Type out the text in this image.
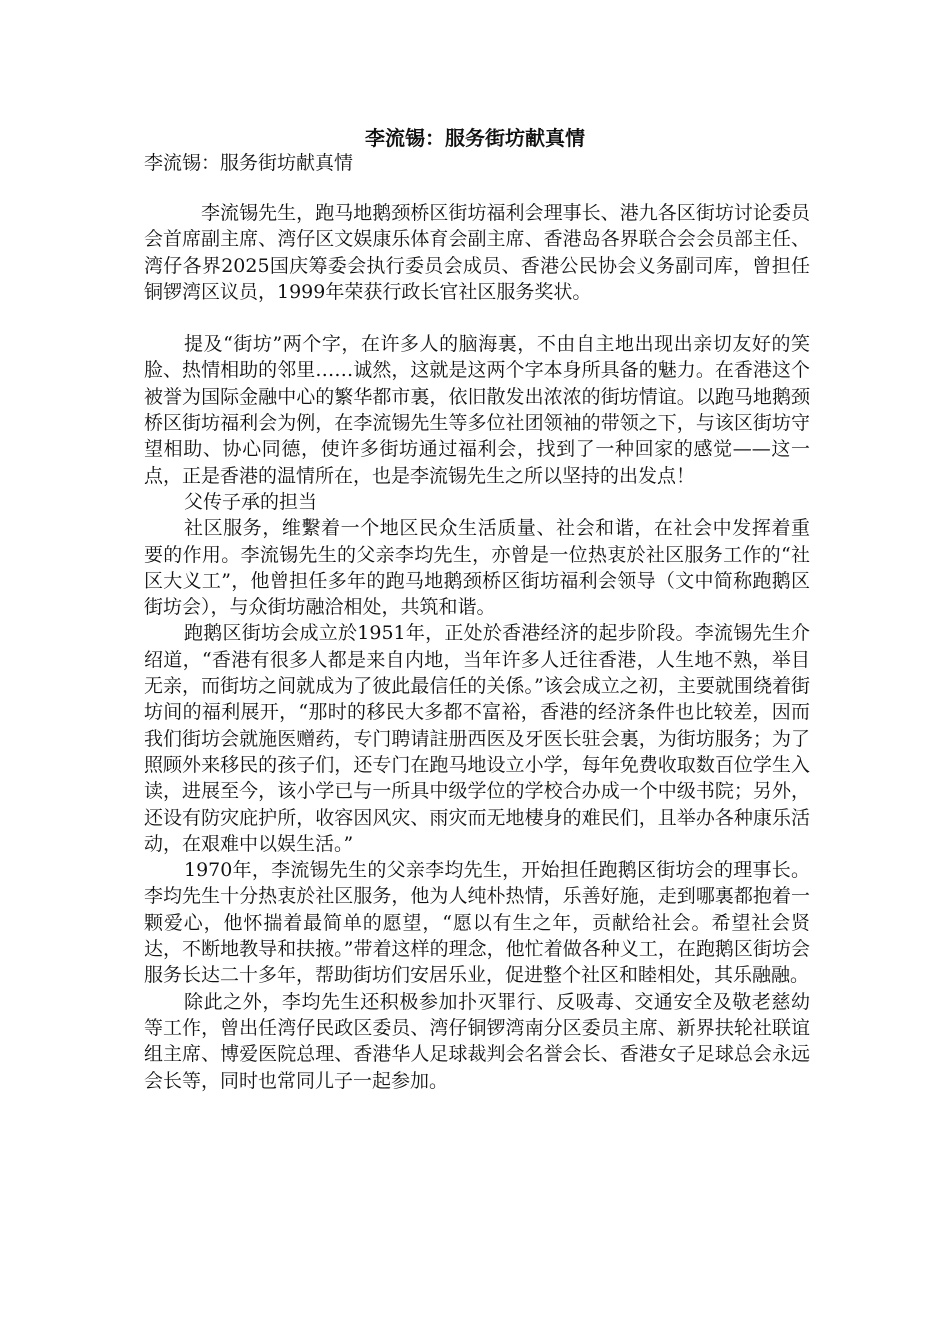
李流锡：服务街坊献真情

李流锡：服务街坊献真情

李流锡先生，跑马地鹅颈桥区街坊福利会理事长、港九各区街坊讨论委员会首席副主席、湾仔区文娱康乐体育会副主席、香港岛各界联合会会员部主任、湾仔各界2025国庆筹委会执行委员会成员、香港公民协会义务副司库，曾担任铜锣湾区议员，1999年荣获行政长官社区服务奖状。

提及“街坊”两个字，在许多人的脑海裏，不由自主地出现出亲切友好的笑脸、热情相助的邻里……诚然，这就是这两个字本身所具备的魅力。在香港这个被誉为国际金融中心的繁华都市裏，依旧散发出浓浓的街坊情谊。以跑马地鹅颈桥区街坊福利会为例，在李流锡先生等多位社团领袖的带领之下，与该区街坊守望相助、协心同德，使许多街坊通过福利会，找到了一种回家的感觉——这一点，正是香港的温情所在，也是李流锡先生之所以坚持的出发点！

父传子承的担当

社区服务，维繫着一个地区民众生活质量、社会和谐，在社会中发挥着重要的作用。李流锡先生的父亲李均先生，亦曾是一位热衷於社区服务工作的“社区大义工”，他曾担任多年的跑马地鹅颈桥区街坊福利会领导（文中简称跑鹅区街坊会），与众街坊融洽相处，共筑和谐。

跑鹅区街坊会成立於1951年，正处於香港经济的起步阶段。李流锡先生介绍道，“香港有很多人都是来自内地，当年许多人迁往香港，人生地不熟，举目无亲，而街坊之间就成为了彼此最信任的关係。”该会成立之初，主要就围绕着街坊间的福利展开，“那时的移民大多都不富裕，香港的经济条件也比较差，因而我们街坊会就施医赠药，专门聘请註册西医及牙医长驻会裏，为街坊服务；为了照顾外来移民的孩子们，还专门在跑马地设立小学，每年免费收取数百位学生入读，进展至今，该小学已与一所具中级学位的学校合办成一个中级书院；另外，还设有防灾庇护所，收容因风灾、雨灾而无地棲身的难民们，且举办各种康乐活动，在艰难中以娱生活。”

1970年，李流锡先生的父亲李均先生，开始担任跑鹅区街坊会的理事长。李均先生十分热衷於社区服务，他为人纯朴热情，乐善好施，走到哪裏都抱着一颗爱心，他怀揣着最简单的愿望，“愿以有生之年，贡献给社会。希望社会贤达，不断地教导和扶掖。”带着这样的理念，他忙着做各种义工，在跑鹅区街坊会服务长达二十多年，帮助街坊们安居乐业，促进整个社区和睦相处，其乐融融。

除此之外，李均先生还积极参加扑灭罪行、反吸毒、交通安全及敬老慈幼等工作，曾出任湾仔民政区委员、湾仔铜锣湾南分区委员主席、新界扶轮社联谊组主席、博爱医院总理、香港华人足球裁判会名誉会长、香港女子足球总会永远会长等，同时也常同儿子一起参加。
